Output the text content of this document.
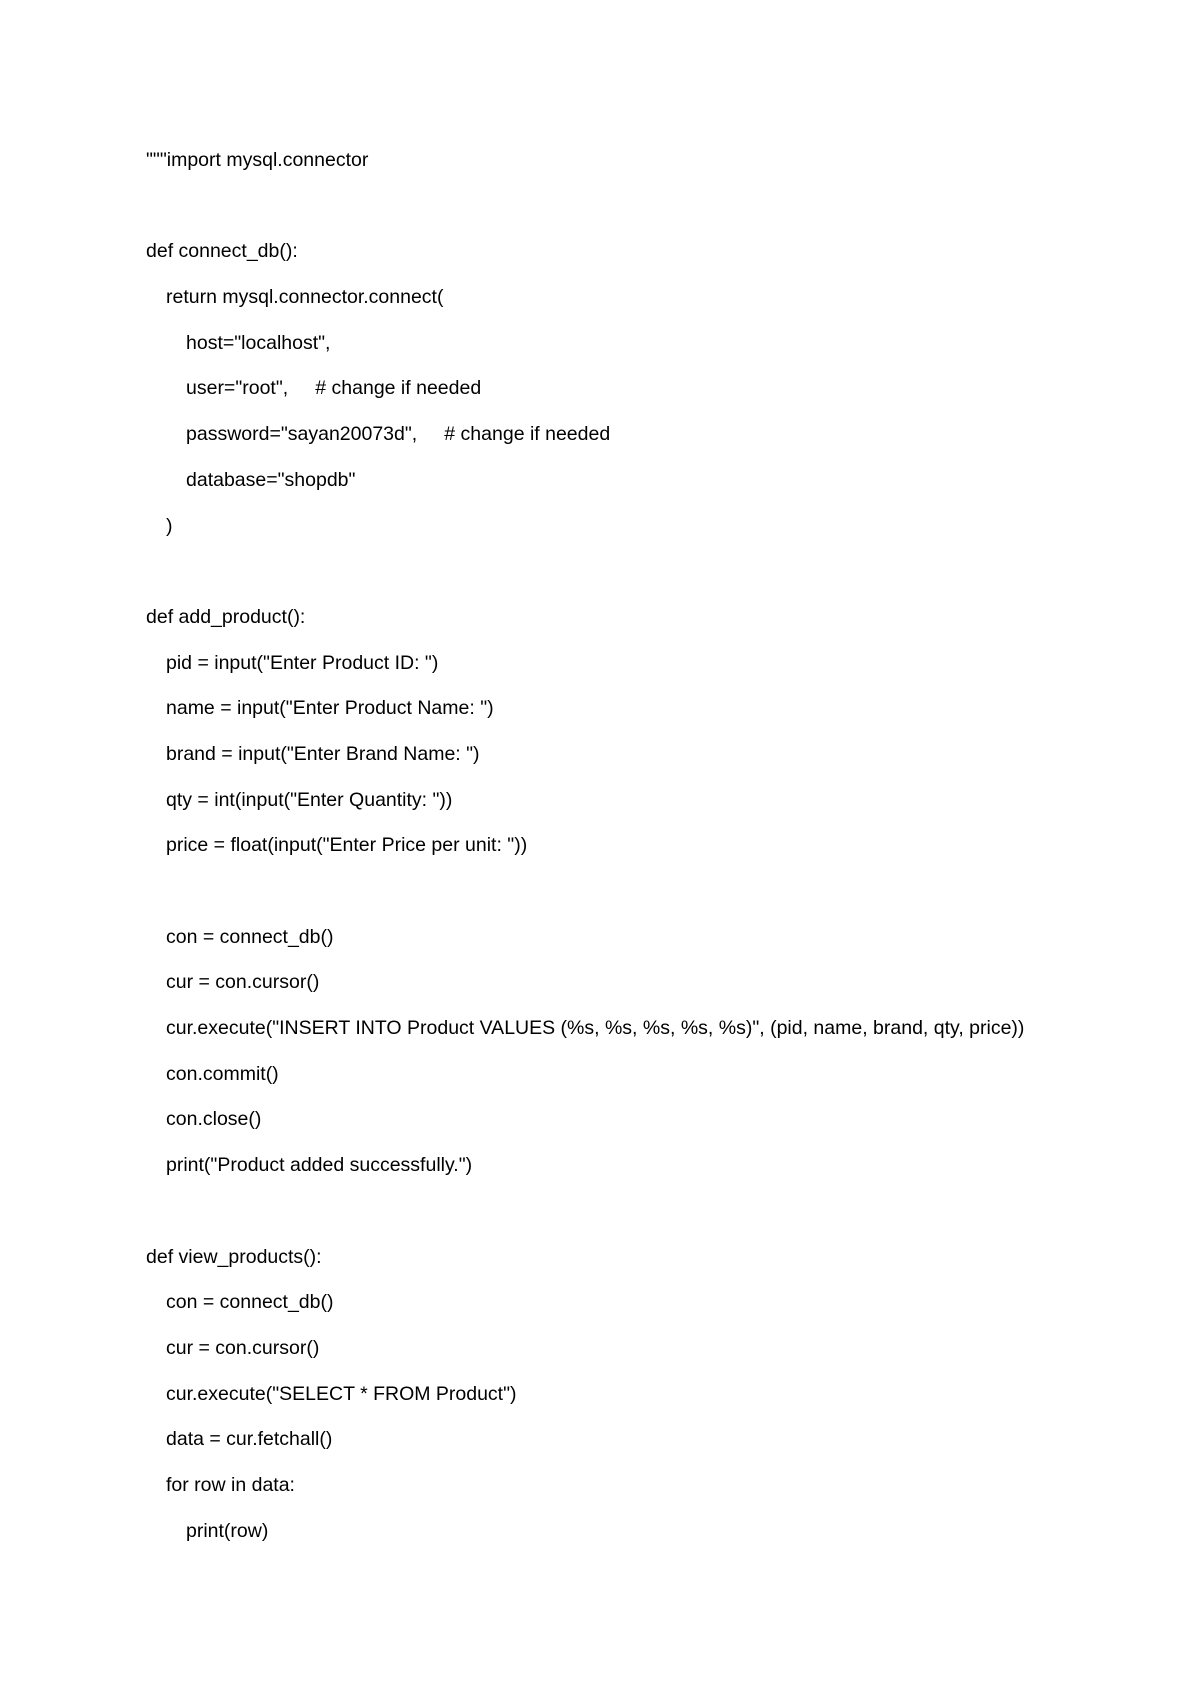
"""import mysql.connector
def connect_db():
return mysql.connector.connect(
host="localhost",
user="root",     # change if needed
password="sayan20073d",     # change if needed
database="shopdb"
)
def add_product():
pid = input("Enter Product ID: ")
name = input("Enter Product Name: ")
brand = input("Enter Brand Name: ")
qty = int(input("Enter Quantity: "))
price = float(input("Enter Price per unit: "))
con = connect_db()
cur = con.cursor()
cur.execute("INSERT INTO Product VALUES (%s, %s, %s, %s, %s)", (pid, name, brand, qty, price))
con.commit()
con.close()
print("Product added successfully.")
def view_products():
con = connect_db()
cur = con.cursor()
cur.execute("SELECT * FROM Product")
data = cur.fetchall()
for row in data:
print(row)
